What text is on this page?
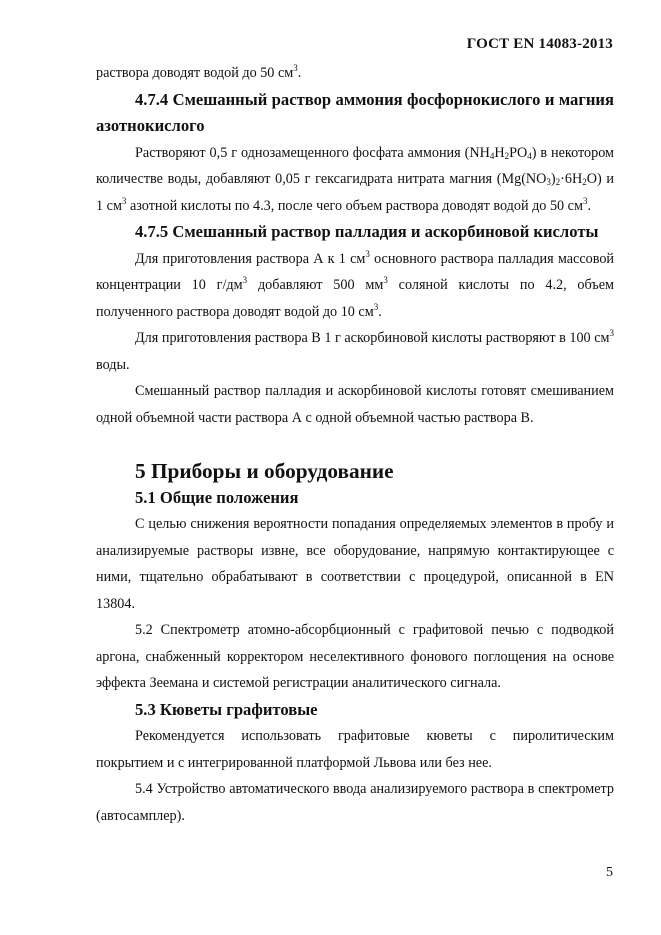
ГОСТ EN 14083-2013

раствора доводят водой до 50 $см^3$.

4.7.4 Смешанный раствор аммония фосфорнокислого и магния азотнокислого

Растворяют 0,5 г однозамещенного фосфата аммония $(NH_4H_2PO_4)$ в некотором количестве воды, добавляют 0,05 г гексагидрата нитрата магния $(Mg(NO_3)_2\cdot 6H_2O)$ и 1 $см^3$ азотной кислоты по 4.3, после чего объем раствора доводят водой до 50 $см^3$.

4.7.5 Смешанный раствор палладия и аскорбиновой кислоты

Для приготовления раствора А к 1 $см^3$ основного раствора палладия массовой концентрации 10 $г/дм^3$ добавляют 500 $мм^3$ соляной кислоты по 4.2, объем полученного раствора доводят водой до 10 $см^3$.

Для приготовления раствора В 1 г аскорбиновой кислоты растворяют в 100 $см^3$ воды.

Смешанный раствор палладия и аскорбиновой кислоты готовят смешиванием одной объемной части раствора А с одной объемной частью раствора В.

5 Приборы и оборудование
5.1 Общие положения

С целью снижения вероятности попадания определяемых элементов в пробу и анализируемые растворы извне, все оборудование, напрямую контактирующее с ними, тщательно обрабатывают в соответствии с процедурой, описанной в EN 13804.

5.2 Спектрометр атомно-абсорбционный с графитовой печью с подводкой аргона, снабженный корректором неселективного фонового поглощения на основе эффекта Зеемана и системой регистрации аналитического сигнала.

5.3 Кюветы графитовые

Рекомендуется использовать графитовые кюветы с пиролитическим покрытием и с интегрированной платформой Львова или без нее.

5.4 Устройство автоматического ввода анализируемого раствора в спектрометр (автосамплер).

5
